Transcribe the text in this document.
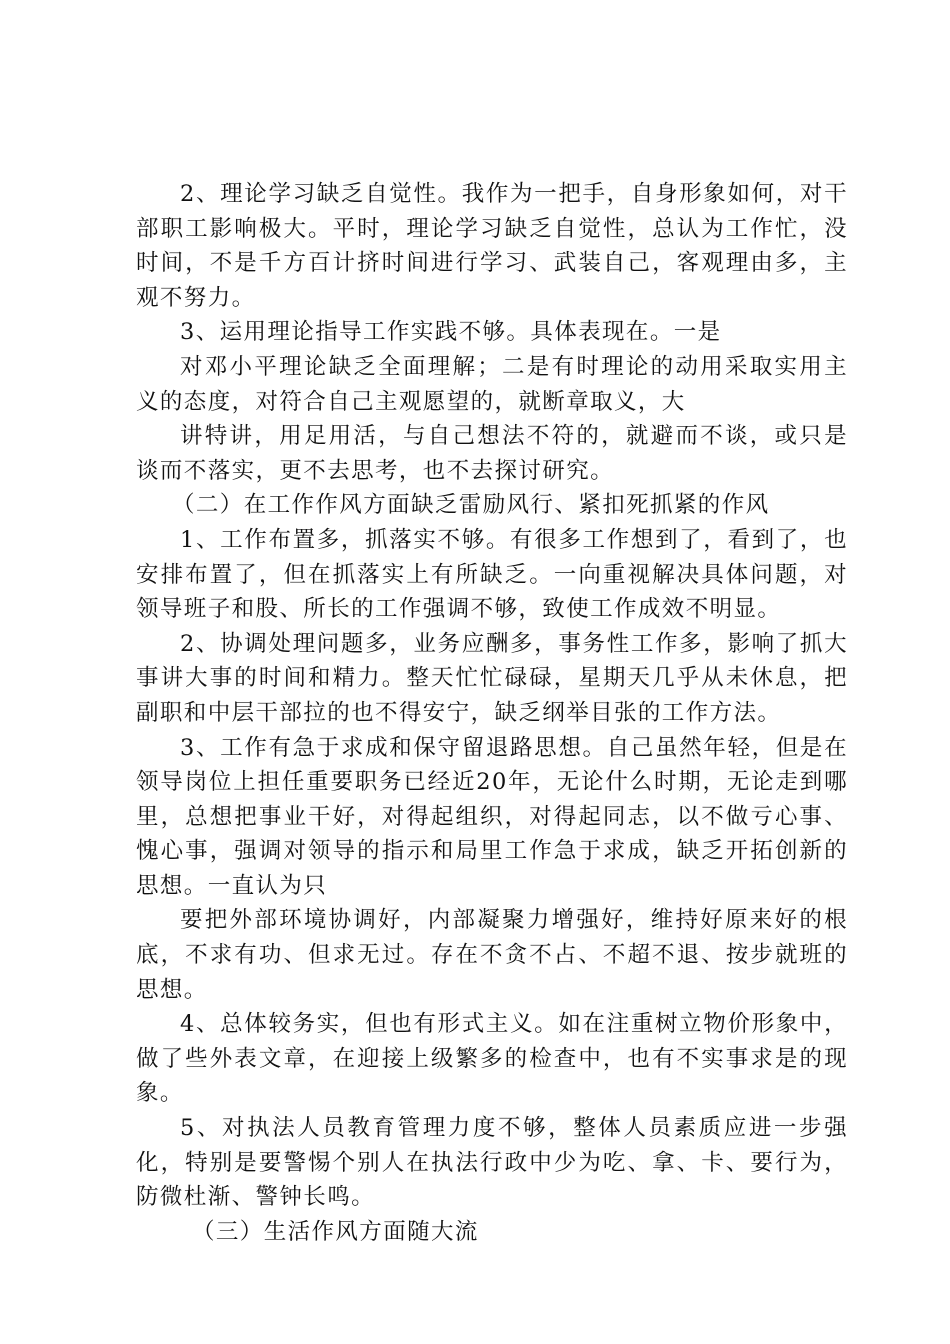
2、理论学习缺乏自觉性。我作为一把手，自身形象如何，对干部职工影响极大。平时，理论学习缺乏自觉性，总认为工作忙，没时间，不是千方百计挤时间进行学习、武装自己，客观理由多，主观不努力。

3、运用理论指导工作实践不够。具体表现在。一是

对邓小平理论缺乏全面理解；二是有时理论的动用采取实用主义的态度，对符合自己主观愿望的，就断章取义，大

讲特讲，用足用活，与自己想法不符的，就避而不谈，或只是谈而不落实，更不去思考，也不去探讨研究。

（二）在工作作风方面缺乏雷励风行、紧扣死抓紧的作风

1、工作布置多，抓落实不够。有很多工作想到了，看到了，也安排布置了，但在抓落实上有所缺乏。一向重视解决具体问题，对领导班子和股、所长的工作强调不够，致使工作成效不明显。

2、协调处理问题多，业务应酬多，事务性工作多，影响了抓大事讲大事的时间和精力。整天忙忙碌碌，星期天几乎从未休息，把副职和中层干部拉的也不得安宁，缺乏纲举目张的工作方法。

3、工作有急于求成和保守留退路思想。自己虽然年轻，但是在领导岗位上担任重要职务已经近20年，无论什么时期，无论走到哪里，总想把事业干好，对得起组织，对得起同志，以不做亏心事、愧心事，强调对领导的指示和局里工作急于求成，缺乏开拓创新的思想。一直认为只

要把外部环境协调好，内部凝聚力增强好，维持好原来好的根底，不求有功、但求无过。存在不贪不占、不超不退、按步就班的思想。

4、总体较务实，但也有形式主义。如在注重树立物价形象中，做了些外表文章，在迎接上级繁多的检查中，也有不实事求是的现象。

5、对执法人员教育管理力度不够，整体人员素质应进一步强化，特别是要警惕个别人在执法行政中少为吃、拿、卡、要行为，防微杜渐、警钟长鸣。

（三）生活作风方面随大流
